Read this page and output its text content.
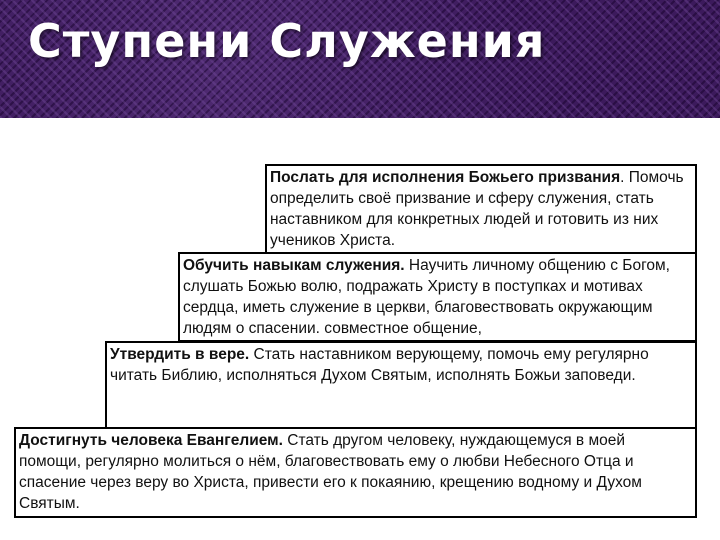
Ступени Служения
Послать для исполнения Божьего призвания. Помочь определить своё призвание и сферу служения, стать наставником для конкретных людей и готовить из них учеников Христа.
Обучить навыкам служения. Научить личному общению с Богом, слушать Божью волю, подражать Христу в поступках и мотивах сердца, иметь служение в церкви, благовествовать окружающим людям о спасении. совместное общение,
Утвердить в вере. Стать наставником верующему, помочь ему регулярно читать Библию, исполняться Духом Святым, исполнять Божьи заповеди.
Достигнуть человека Евангелием. Стать другом человеку, нуждающемуся в моей помощи, регулярно молиться о нём, благовествовать ему о любви Небесного Отца и спасение через веру во Христа, привести его к покаянию, крещению водному и Духом Святым.
